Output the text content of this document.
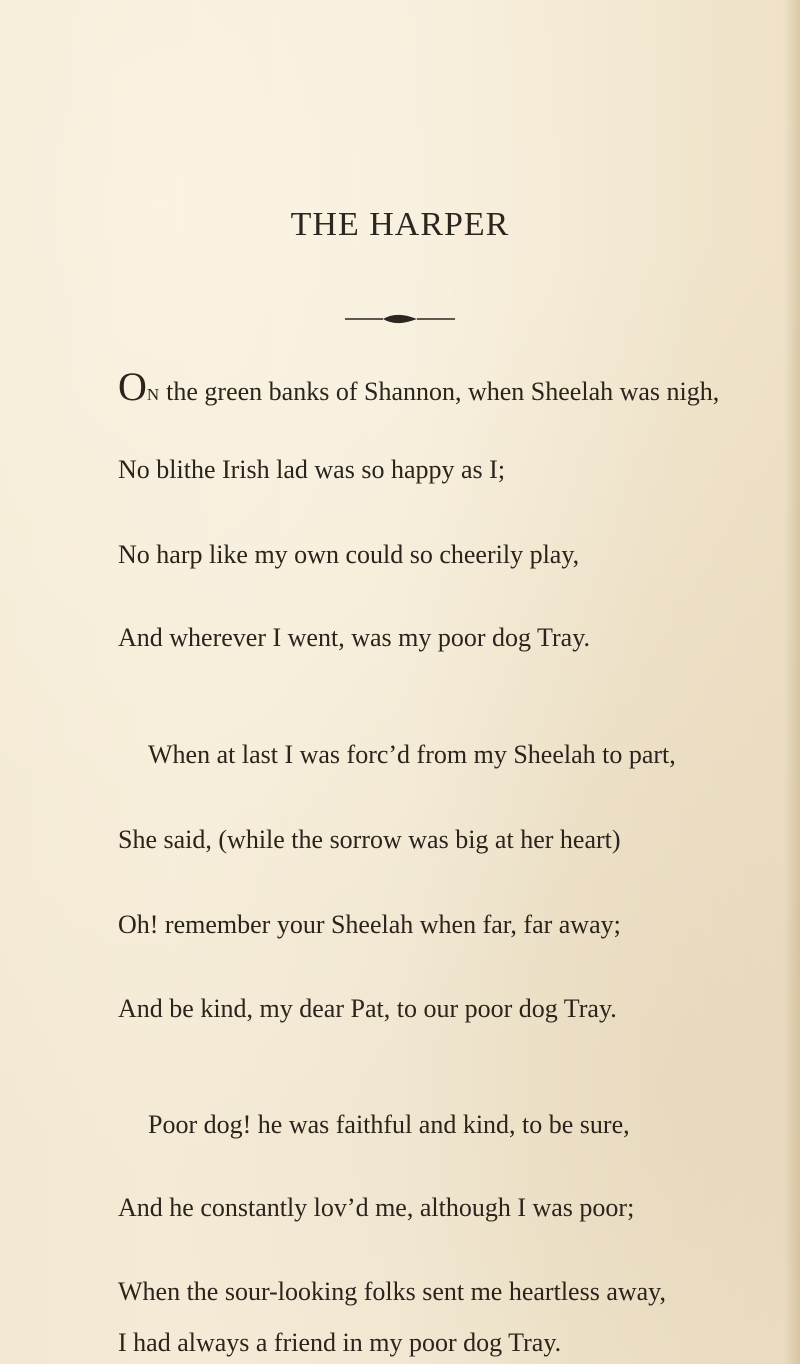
THE HARPER

ON the green banks of Shannon, when Sheelah was nigh,

No blithe Irish lad was so happy as I;

No harp like my own could so cheerily play,

And wherever I went, was my poor dog Tray.

When at last I was forc’d from my Sheelah to part,

She said, (while the sorrow was big at her heart)

Oh! remember your Sheelah when far, far away;

And be kind, my dear Pat, to our poor dog Tray.

Poor dog! he was faithful and kind, to be sure,

And he constantly lov’d me, although I was poor;

When the sour-looking folks sent me heartless away,

I had always a friend in my poor dog Tray.
